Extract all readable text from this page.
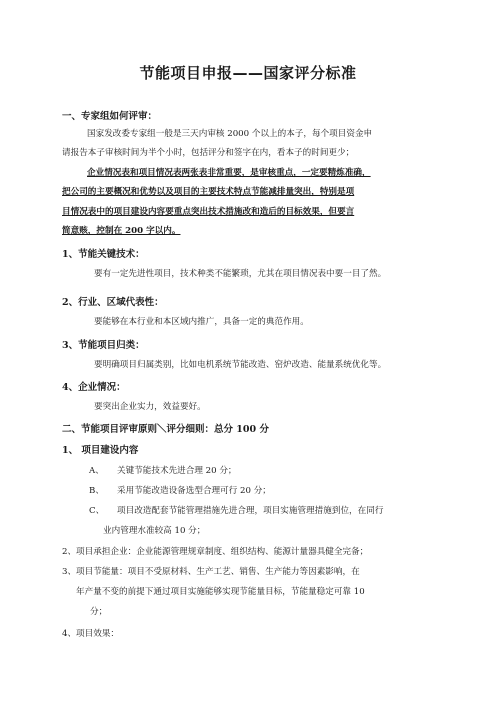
节能项目申报——国家评分标准
一、专家组如何评审：
国家发改委专家组一般是三天内审核 2000 个以上的本子，每个项目资金申
请报告本子审核时间为半个小时，包括评分和签字在内，看本子的时间更少；
企业情况表和项目情况表两张表非常重要，是审核重点，一定要精炼准确，
把公司的主要概况和优势以及项目的主要技术特点节能减排量突出，特别是项
目情况表中的项目建设内容要重点突出技术措施改和造后的目标效果，但要言
简意赅，控制在 200 字以内。
1、节能关键技术：
要有一定先进性项目，技术种类不能繁琐，尤其在项目情况表中要一目了然。
2、行业、区域代表性：
要能够在本行业和本区域内推广，具备一定的典范作用。
3、节能项目归类：
要明确项目归属类别，比如电机系统节能改造、窑炉改造、能量系统优化等。
4、企业情况：
要突出企业实力，效益要好。
二、节能项目评审原则＼评分细则：总分 100 分
1、 项目建设内容
A、 关键节能技术先进合理 20 分；
B、 采用节能改造设备选型合理可行 20 分；
C、 项目改造配套节能管理措施先进合理，项目实施管理措施到位，在同行
业内管理水准较高 10 分；
2、项目承担企业：企业能源管理规章制度、组织结构、能源计量器具健全完备；
3、项目节能量：项目不受原材料、生产工艺、销售、生产能力等因素影响，在
年产量不变的前提下通过项目实施能够实现节能量目标，节能量稳定可靠 10
分；
4、项目效果：
